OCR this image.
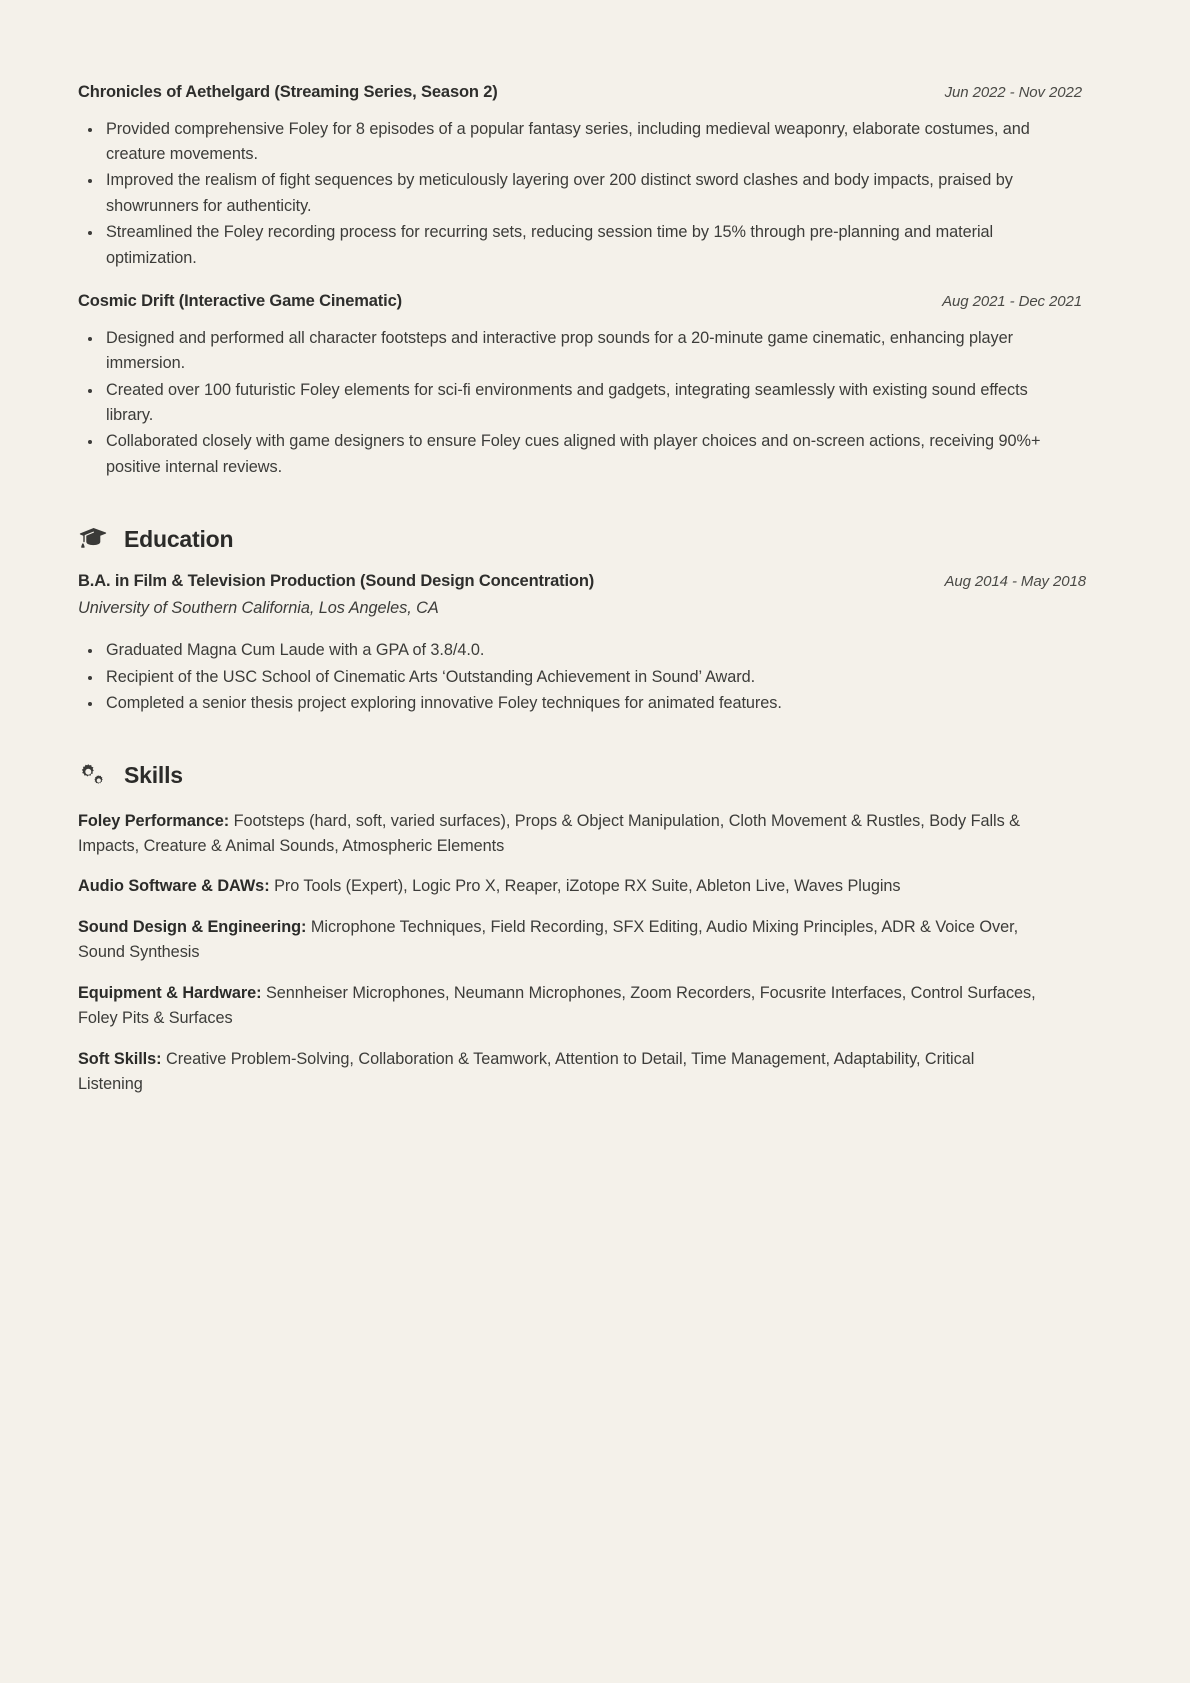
Chronicles of Aethelgard (Streaming Series, Season 2)	Jun 2022 - Nov 2022
Provided comprehensive Foley for 8 episodes of a popular fantasy series, including medieval weaponry, elaborate costumes, and creature movements.
Improved the realism of fight sequences by meticulously layering over 200 distinct sword clashes and body impacts, praised by showrunners for authenticity.
Streamlined the Foley recording process for recurring sets, reducing session time by 15% through pre-planning and material optimization.
Cosmic Drift (Interactive Game Cinematic)	Aug 2021 - Dec 2021
Designed and performed all character footsteps and interactive prop sounds for a 20-minute game cinematic, enhancing player immersion.
Created over 100 futuristic Foley elements for sci-fi environments and gadgets, integrating seamlessly with existing sound effects library.
Collaborated closely with game designers to ensure Foley cues aligned with player choices and on-screen actions, receiving 90%+ positive internal reviews.
Education
B.A. in Film & Television Production (Sound Design Concentration)	Aug 2014 - May 2018
University of Southern California, Los Angeles, CA
Graduated Magna Cum Laude with a GPA of 3.8/4.0.
Recipient of the USC School of Cinematic Arts ‘Outstanding Achievement in Sound’ Award.
Completed a senior thesis project exploring innovative Foley techniques for animated features.
Skills
Foley Performance: Footsteps (hard, soft, varied surfaces), Props & Object Manipulation, Cloth Movement & Rustles, Body Falls & Impacts, Creature & Animal Sounds, Atmospheric Elements
Audio Software & DAWs: Pro Tools (Expert), Logic Pro X, Reaper, iZotope RX Suite, Ableton Live, Waves Plugins
Sound Design & Engineering: Microphone Techniques, Field Recording, SFX Editing, Audio Mixing Principles, ADR & Voice Over, Sound Synthesis
Equipment & Hardware: Sennheiser Microphones, Neumann Microphones, Zoom Recorders, Focusrite Interfaces, Control Surfaces, Foley Pits & Surfaces
Soft Skills: Creative Problem-Solving, Collaboration & Teamwork, Attention to Detail, Time Management, Adaptability, Critical Listening
